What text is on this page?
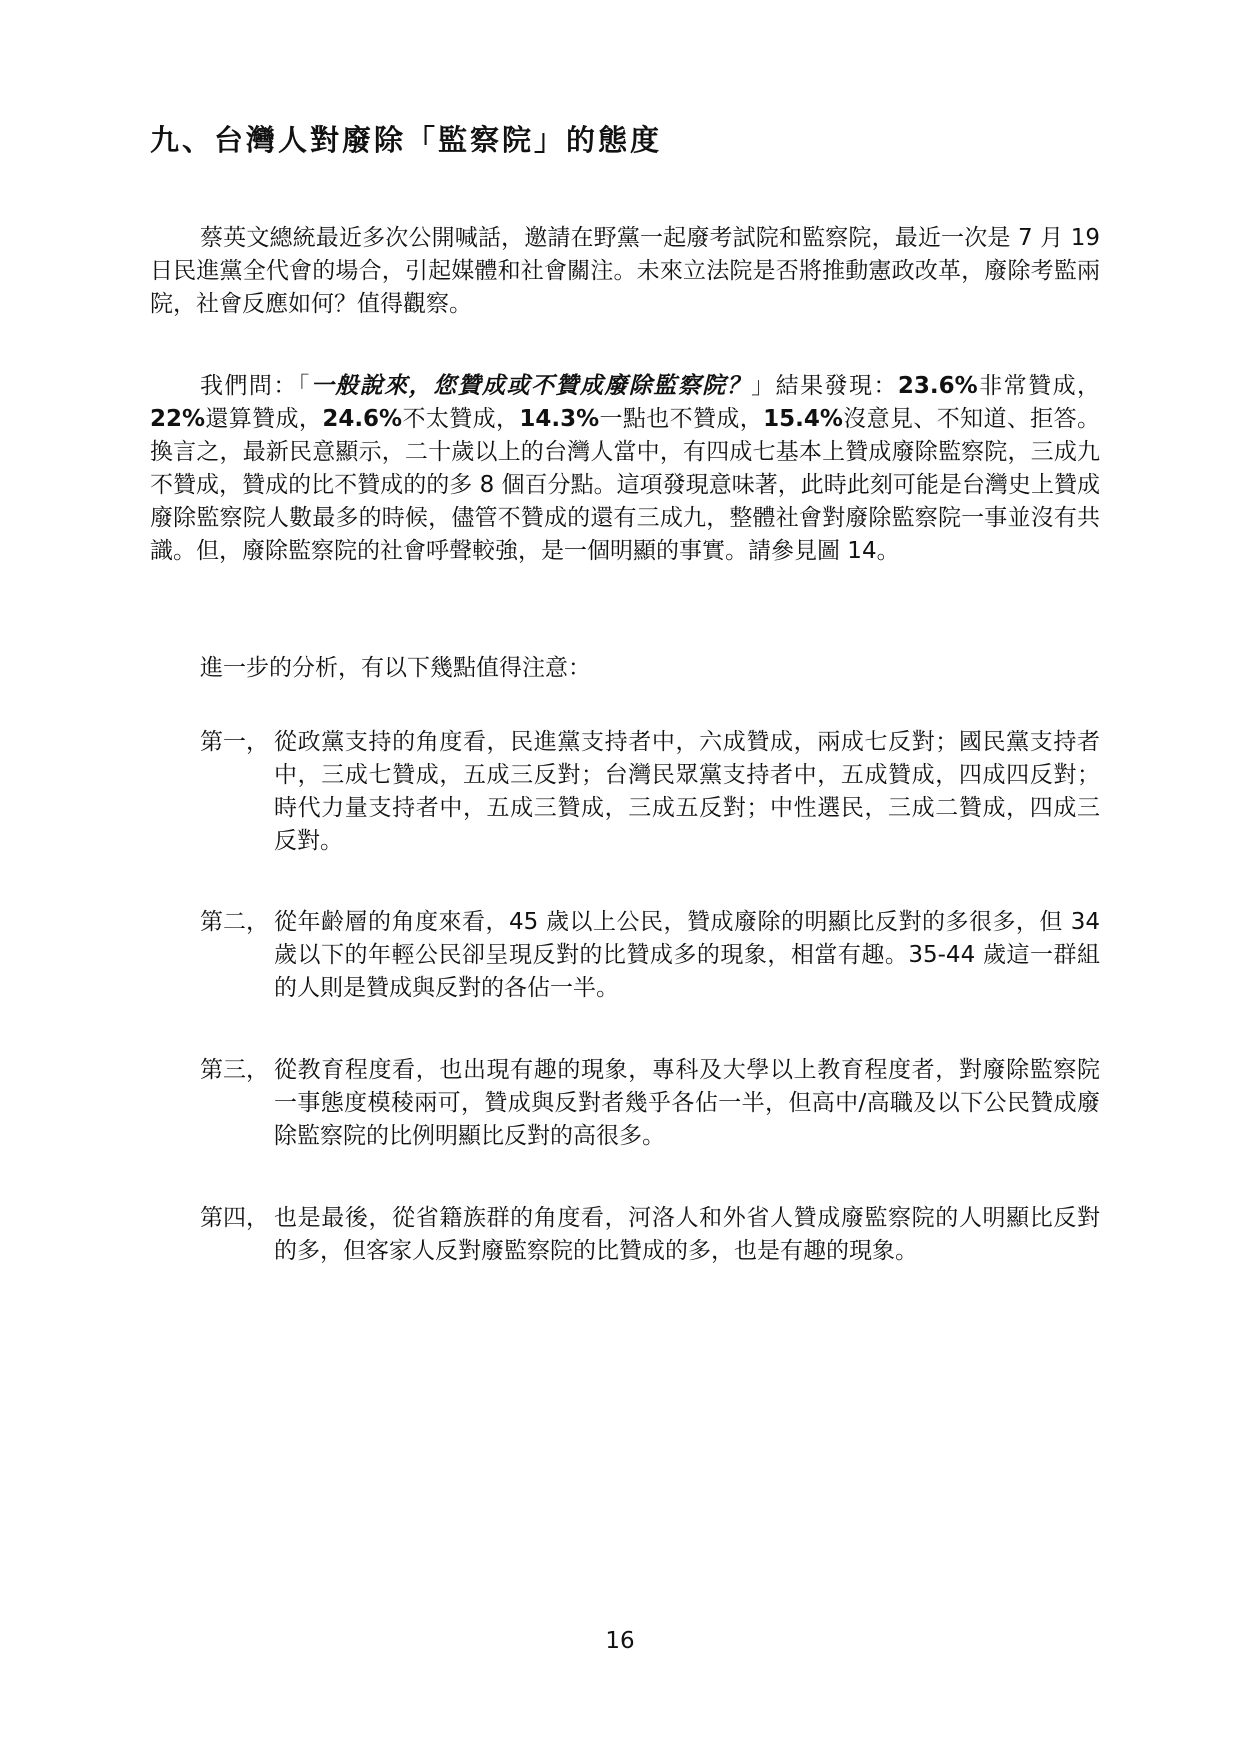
九、台灣人對廢除「監察院」的態度
蔡英文總統最近多次公開喊話，邀請在野黨一起廢考試院和監察院，最近一次是 7 月 19 日民進黨全代會的場合，引起媒體和社會關注。未來立法院是否將推動憲政改革，廢除考監兩院，社會反應如何？值得觀察。
我們問：「一般說來，您贊成或不贊成廢除監察院？」結果發現：23.6%非常贊成，22%還算贊成，24.6%不太贊成，14.3%一點也不贊成，15.4%沒意見、不知道、拒答。換言之，最新民意顯示，二十歲以上的台灣人當中，有四成七基本上贊成廢除監察院，三成九不贊成，贊成的比不贊成的的多 8 個百分點。這項發現意味著，此時此刻可能是台灣史上贊成廢除監察院人數最多的時候，儘管不贊成的還有三成九，整體社會對廢除監察院一事並沒有共識。但，廢除監察院的社會呼聲較強，是一個明顯的事實。請參見圖 14。
進一步的分析，有以下幾點值得注意：
第一， 從政黨支持的角度看，民進黨支持者中，六成贊成，兩成七反對；國民黨支持者中，三成七贊成，五成三反對；台灣民眾黨支持者中，五成贊成，四成四反對；時代力量支持者中，五成三贊成，三成五反對；中性選民，三成二贊成，四成三反對。
第二， 從年齡層的角度來看，45 歲以上公民，贊成廢除的明顯比反對的多很多，但 34 歲以下的年輕公民卻呈現反對的比贊成多的現象，相當有趣。35-44 歲這一群組的人則是贊成與反對的各佔一半。
第三， 從教育程度看，也出現有趣的現象，專科及大學以上教育程度者，對廢除監察院一事態度模稜兩可，贊成與反對者幾乎各佔一半，但高中/高職及以下公民贊成廢除監察院的比例明顯比反對的高很多。
第四， 也是最後，從省籍族群的角度看，河洛人和外省人贊成廢監察院的人明顯比反對的多，但客家人反對廢監察院的比贊成的多，也是有趣的現象。
16
